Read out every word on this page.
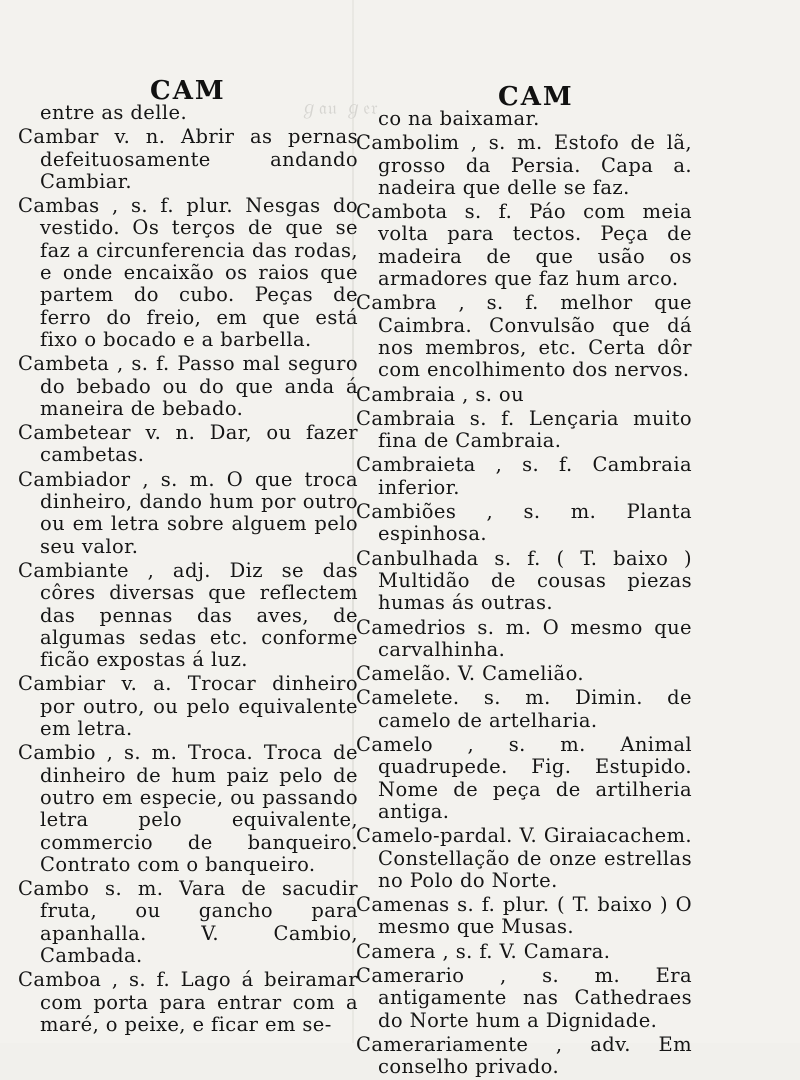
ℊ𝔞𝔲 ℊ𝔢𝔯

entre as delle.

Cambar v. n. Abrir as pernas defeituosamente andando Cambiar.

Cambas , s. f. plur. Nesgas do vestido. Os terços de que se faz a circunferencia das rodas, e onde encaixão os raios que partem do cubo. Peças de ferro do freio, em que está fixo o bocado e a barbella.

Cambeta , s. f. Passo mal seguro do bebado ou do que anda á maneira de bebado.

Cambetear v. n. Dar, ou fazer cambetas.

Cambiador , s. m. O que troca dinheiro, dando hum por outro ou em letra sobre alguem pelo seu valor.

Cambiante , adj. Diz se das côres diversas que reflectem das pennas das aves, de algumas sedas etc. conforme ficão expostas á luz.

Cambiar v. a. Trocar dinheiro por outro, ou pelo equivalente em letra.

Cambio , s. m. Troca. Troca de dinheiro de hum paiz pelo de outro em especie, ou passando letra pelo equivalente, commercio de banqueiro. Contrato com o banqueiro.

Cambo s. m. Vara de sacudir fruta, ou gancho para apanhalla. V. Cambio, Cambada.

Camboa , s. f. Lago á beiramar com porta para entrar com a maré, o peixe, e ficar em se-

CAM

co na baixamar.

Cambolim , s. m. Estofo de lã, grosso da Persia. Capa a. nadeira que delle se faz.

Cambota s. f. Páo com meia volta para tectos. Peça de madeira de que usão os armadores que faz hum arco.

Cambra , s. f. melhor que Caimbra. Convulsão que dá nos membros, etc. Certa dôr com encolhimento dos nervos.

Cambraia , s. ou

Cambraia s. f. Lençaria muito fina de Cambraia.

Cambraieta , s. f. Cambraia inferior.

Cambiões , s. m. Planta espinhosa.

Canbulhada s. f. ( T. baixo ) Multidão de cousas piezas humas ás outras.

Camedrios s. m. O mesmo que carvalhinha.

Camelão. V. Camelião.

Camelete. s. m. Dimin. de camelo de artelharia.

Camelo , s. m. Animal quadrupede. Fig. Estupido. Nome de peça de artilheria antiga.

Camelo-pardal. V. Giraiacachem. Constellação de onze estrellas no Polo do Norte.

Camenas s. f. plur. ( T. baixo ) O mesmo que Musas.

Camera , s. f. V. Camara.

Camerario , s. m. Era antigamente nas Cathedraes do Norte hum a Dignidade.

Camerariamente , adv. Em conselho privado.

CAM
